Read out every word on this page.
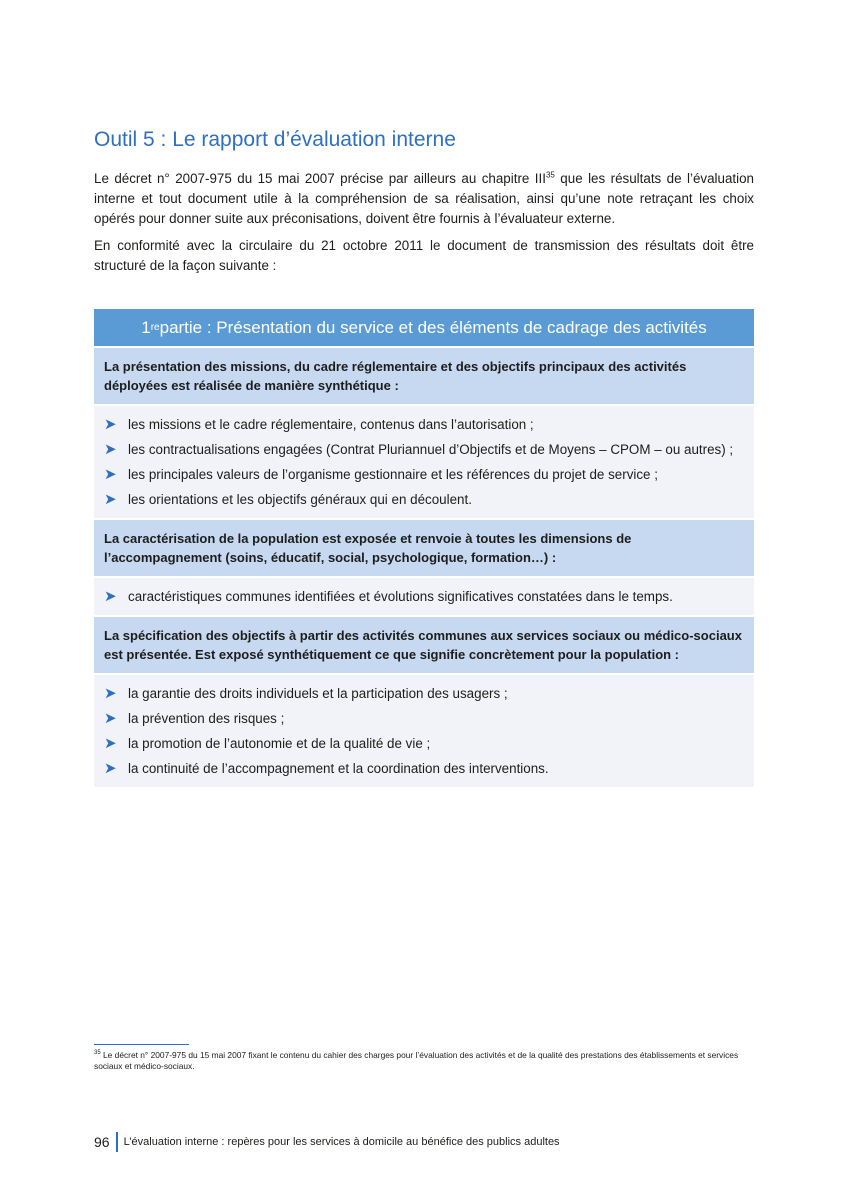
Outil 5 : Le rapport d’évaluation interne

Le décret n° 2007-975 du 15 mai 2007 précise par ailleurs au chapitre III$^{35}$ que les résultats de l’évaluation interne et tout document utile à la compréhension de sa réalisation, ainsi qu’une note retraçant les choix opérés pour donner suite aux préconisations, doivent être fournis à l’évaluateur externe.

En conformité avec la circulaire du 21 octobre 2011 le document de transmission des résultats doit être structuré de la façon suivante :

1 re partie : Présentation du service et des éléments de cadrage des activités
La présentation des missions, du cadre réglementaire et des objectifs principaux des activités déployées est réalisée de manière synthétique :
➤ les missions et le cadre réglementaire, contenus dans l’autorisation ;
➤ les contractualisations engagées (Contrat Pluriannuel d’Objectifs et de Moyens – CPOM – ou autres) ;
➤ les principales valeurs de l’organisme gestionnaire et les références du projet de service ;
➤ les orientations et les objectifs généraux qui en découlent.
La caractérisation de la population est exposée et renvoie à toutes les dimensions de l’accompagnement (soins, éducatif, social, psychologique, formation…) :
➤ caractéristiques communes identifiées et évolutions significatives constatées dans le temps.
La spécification des objectifs à partir des activités communes aux services sociaux ou médico-sociaux est présentée. Est exposé synthétiquement ce que signifie concrètement pour la population :
➤ la garantie des droits individuels et la participation des usagers ;
➤ la prévention des risques ;
➤ la promotion de l’autonomie et de la qualité de vie ;
➤ la continuité de l’accompagnement et la coordination des interventions.

$^{35}$ Le décret n° 2007-975 du 15 mai 2007 fixant le contenu du cahier des charges pour l’évaluation des activités et de la qualité des prestations des établissements et services sociaux et médico-sociaux.

96	L’évaluation interne : repères pour les services à domicile au bénéfice des publics adultes
